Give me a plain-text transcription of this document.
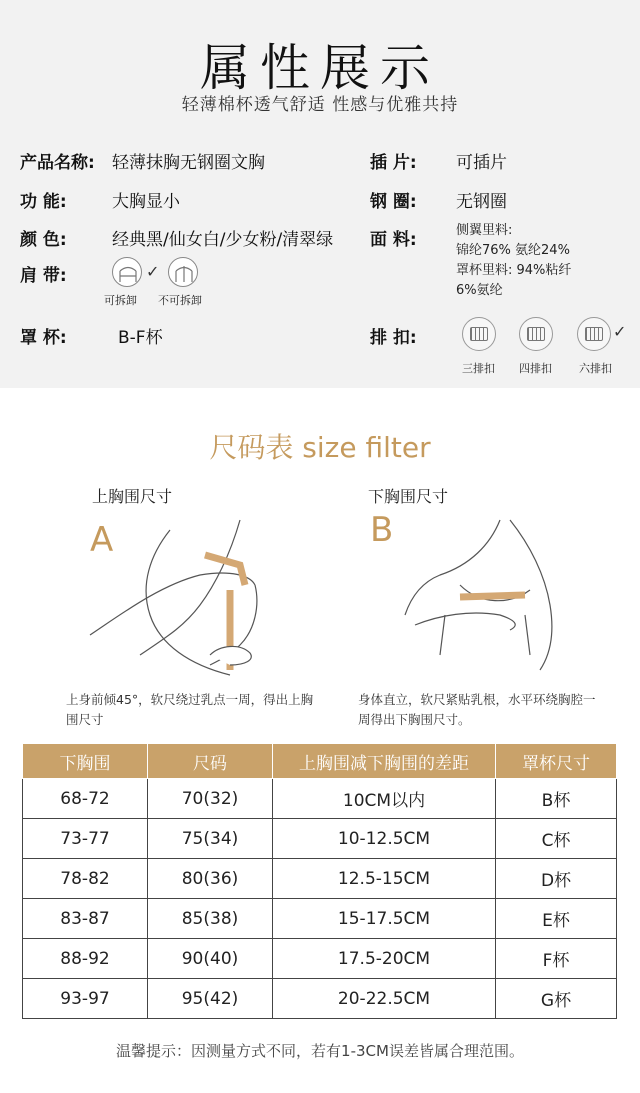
属性展示
轻薄棉杯透气舒适 性感与优雅共持
产品名称: 轻薄抹胸无钢圈文胸
功 能:	大胸显小
颜 色:	经典黑/仙女白/少女粉/清翠绿
肩 带:	✓
可拆卸 不可拆卸
罩 杯:	B-F杯
插 片: 可插片
钢 圈: 无钢圈
面 料:	侧翼里料:
锦纶76% 氨纶24%
罩杯里料: 94%粘纤
6%氨纶
排 扣:
三排扣 四排扣
✓
六排扣
尺码表 size filter
上胸围尺寸
A
上身前倾45°，软尺绕过乳点一周，得出上胸围尺寸
下胸围尺寸
B
身体直立，软尺紧贴乳根，水平环绕胸腔一周得出下胸围尺寸。
下胸围	尺码	上胸围减下胸围的差距	罩杯尺寸
68-72	70(32)	10CM以内	B杯
73-77	75(34)	10-12.5CM	C杯
78-82	80(36)	12.5-15CM	D杯
83-87	85(38)	15-17.5CM	E杯
88-92	90(40)	17.5-20CM	F杯
93-97	95(42)	20-22.5CM	G杯
温馨提示：因测量方式不同，若有1-3CM误差皆属合理范围。
